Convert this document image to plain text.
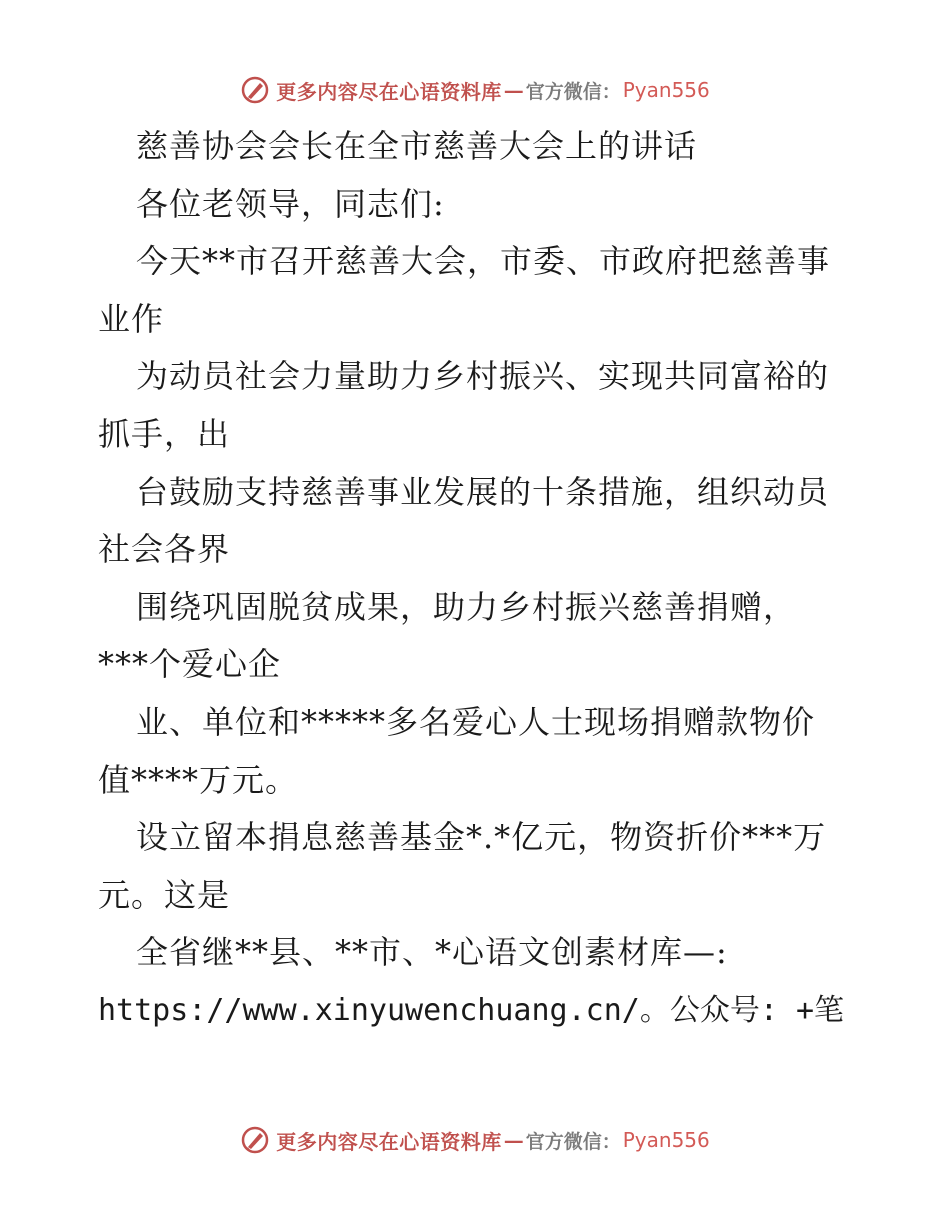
更多内容尽在心语资料库 — 官方微信： Pyan556
慈善协会会长在全市慈善大会上的讲话
各位老领导，同志们:
今天**市召开慈善大会，市委、市政府把慈善事
业作
为动员社会力量助力乡村振兴、实现共同富裕的
抓手，出
台鼓励支持慈善事业发展的十条措施，组织动员
社会各界
围绕巩固脱贫成果，助力乡村振兴慈善捐赠，
***个爱心企
业、单位和*****多名爱心人士现场捐赠款物价
值****万元。
设立留本捐息慈善基金*.*亿元，物资折价***万
元。这是
全省继**县、**市、*心语文创素材库—:
https://www.xinyuwenchuang.cn/。公众号: +笔
更多内容尽在心语资料库 — 官方微信： Pyan556
